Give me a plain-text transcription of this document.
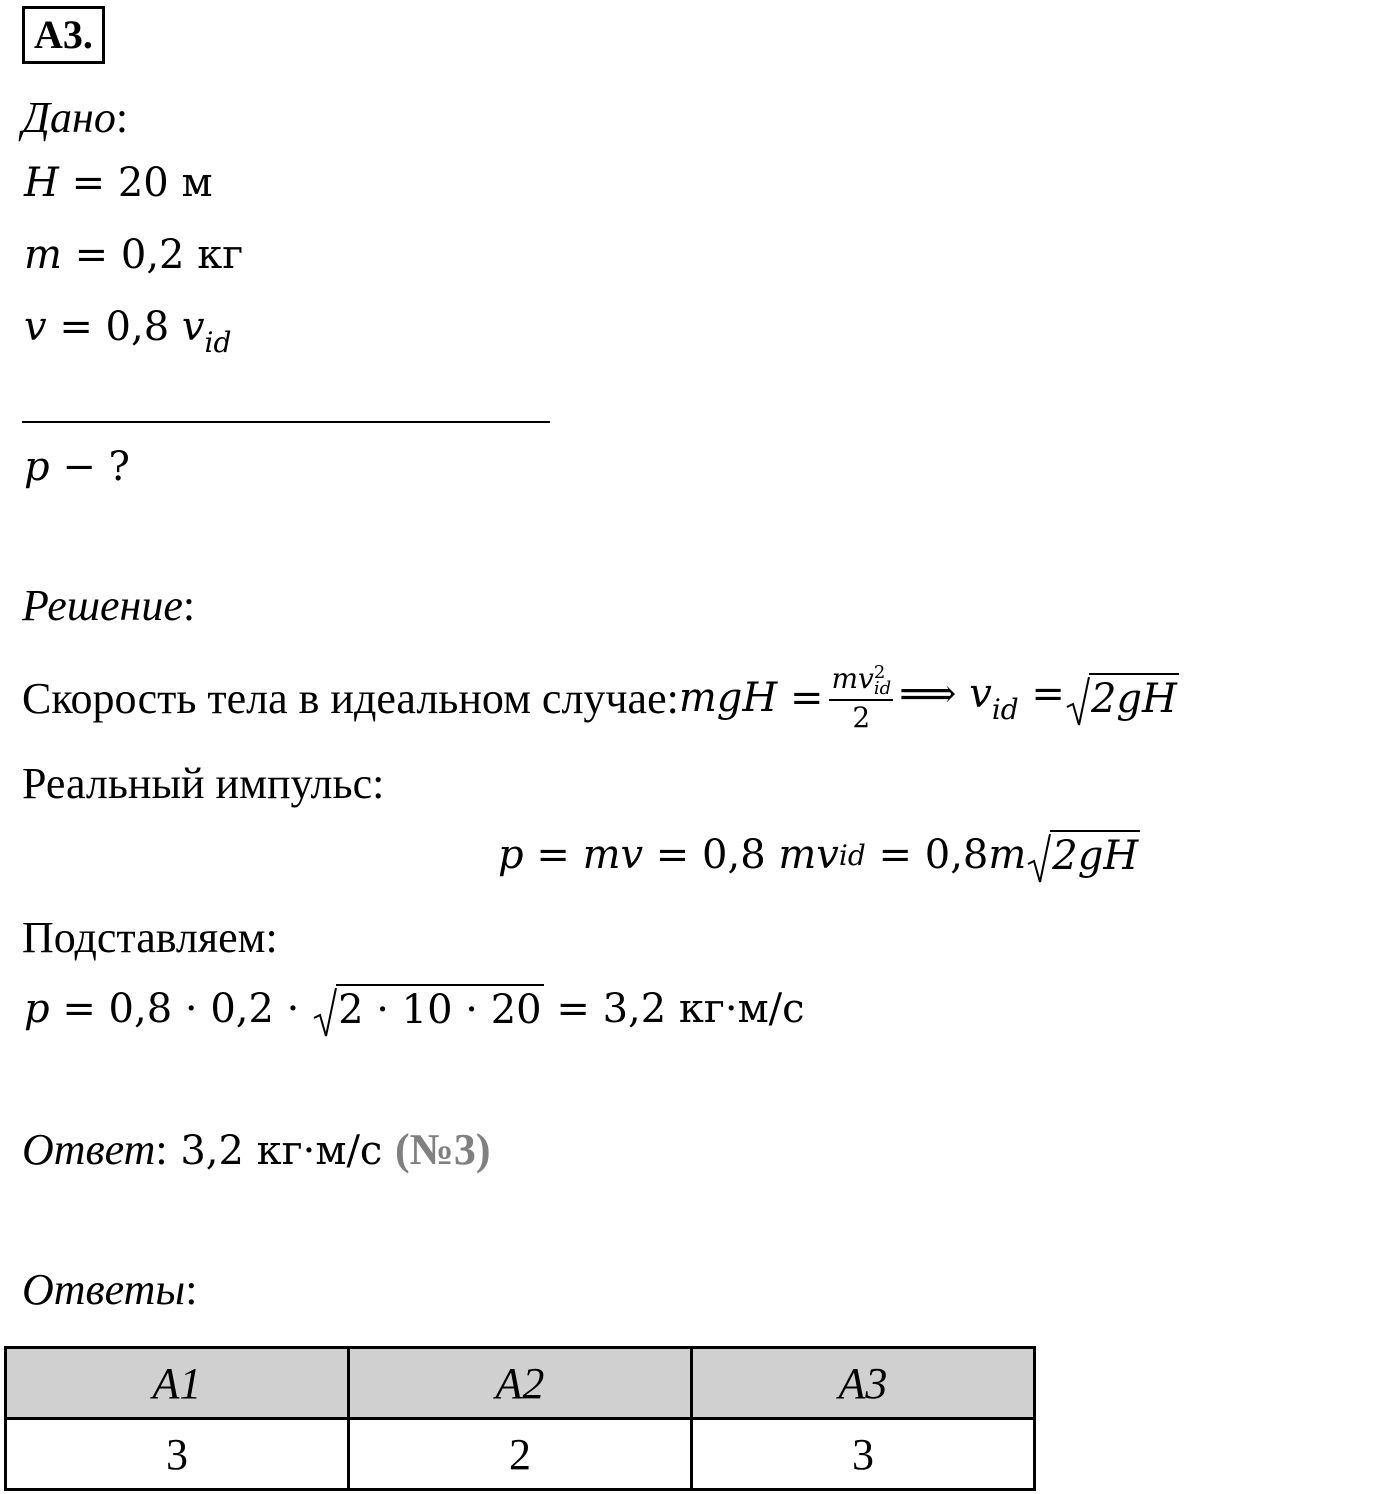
А3.
Дано:
H = 20 м
m = 0,2 кг
v = 0,8 $v_{id}$
p − ?
Решение:
Скорость тела в идеальном случае: mgH = mv 2
id
2 ⟹ $v_{id} = 2gH$
Реальный импульс:
p = mv = 0,8 mv id = 0,8 m 2gH
Подставляем:
p = 0,8 · 0,2 · 2 · 10 · 20 = 3,2 кг·м/с
Ответ: 3,2 кг·м/с (№3)
Ответы:
A1	A2	A3
3	2	3
